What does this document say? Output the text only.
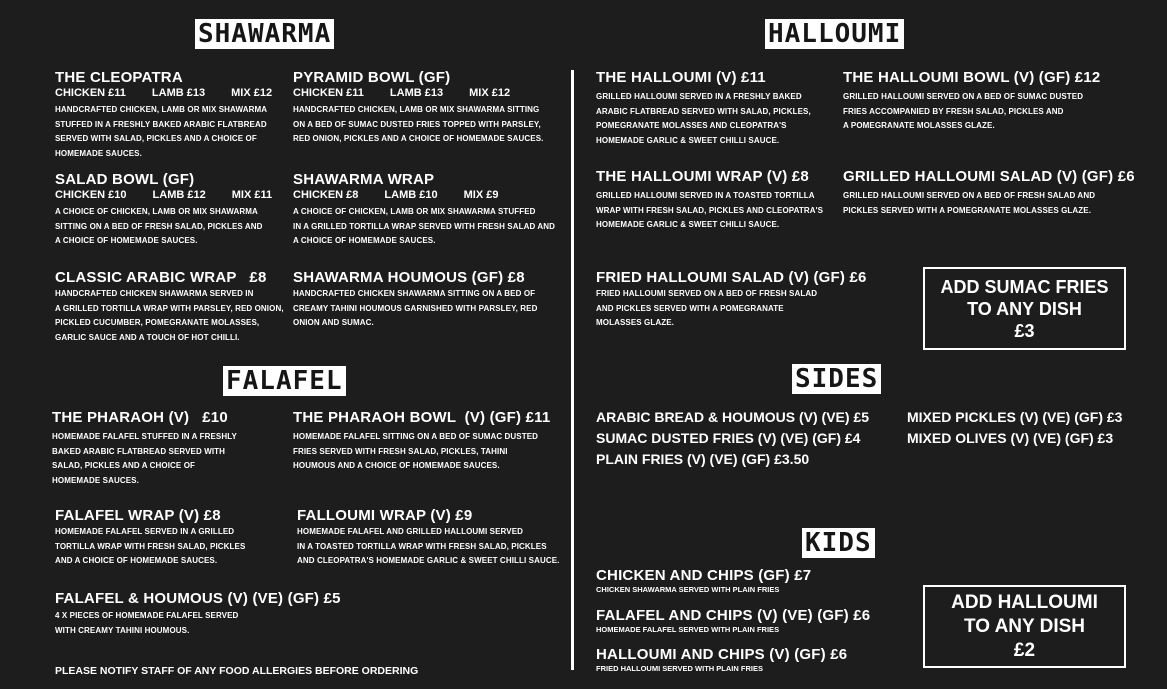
SHAWARMA
FALAFEL
HALLOUMI
SIDES
KIDS
THE CLEOPATRA
CHICKEN £11 LAMB £13 MIX £12
HANDCRAFTED CHICKEN, LAMB OR MIX SHAWARMA
STUFFED IN A FRESHLY BAKED ARABIC FLATBREAD
SERVED WITH SALAD, PICKLES AND A CHOICE OF
HOMEMADE SAUCES.
PYRAMID BOWL (GF)
CHICKEN £11 LAMB £13 MIX £12
HANDCRAFTED CHICKEN, LAMB OR MIX SHAWARMA SITTING
ON A BED OF SUMAC DUSTED FRIES TOPPED WITH PARSLEY,
RED ONION, PICKLES AND A CHOICE OF HOMEMADE SAUCES.
SALAD BOWL (GF)
CHICKEN £10 LAMB £12 MIX £11
A CHOICE OF CHICKEN, LAMB OR MIX SHAWARMA
SITTING ON A BED OF FRESH SALAD, PICKLES AND
A CHOICE OF HOMEMADE SAUCES.
SHAWARMA WRAP
CHICKEN £8 LAMB £10 MIX £9
A CHOICE OF CHICKEN, LAMB OR MIX SHAWARMA STUFFED
IN A GRILLED TORTILLA WRAP SERVED WITH FRESH SALAD AND
A CHOICE OF HOMEMADE SAUCES.
CLASSIC ARABIC WRAP   £8
HANDCRAFTED CHICKEN SHAWARMA SERVED IN
A GRILLED TORTILLA WRAP WITH PARSLEY, RED ONION,
PICKLED CUCUMBER, POMEGRANATE MOLASSES,
GARLIC SAUCE AND A TOUCH OF HOT CHILLI.
SHAWARMA HOUMOUS (GF) £8
HANDCRAFTED CHICKEN SHAWARMA SITTING ON A BED OF
CREAMY TAHINI HOUMOUS GARNISHED WITH PARSLEY, RED
ONION AND SUMAC.
THE PHARAOH (V)   £10
HOMEMADE FALAFEL STUFFED IN A FRESHLY
BAKED ARABIC FLATBREAD SERVED WITH
SALAD, PICKLES AND A CHOICE OF
HOMEMADE SAUCES.
THE PHARAOH BOWL  (V) (GF) £11
HOMEMADE FALAFEL SITTING ON A BED OF SUMAC DUSTED
FRIES SERVED WITH FRESH SALAD, PICKLES, TAHINI
HOUMOUS AND A CHOICE OF HOMEMADE SAUCES.
FALAFEL WRAP (V) £8
HOMEMADE FALAFEL SERVED IN A GRILLED
TORTILLA WRAP WITH FRESH SALAD, PICKLES
AND A CHOICE OF HOMEMADE SAUCES.
FALLOUMI WRAP (V) £9
HOMEMADE FALAFEL AND GRILLED HALLOUMI SERVED
IN A TOASTED TORTILLA WRAP WITH FRESH SALAD, PICKLES
AND CLEOPATRA'S HOMEMADE GARLIC & SWEET CHILLI SAUCE.
FALAFEL & HOUMOUS (V) (VE) (GF) £5
4 X PIECES OF HOMEMADE FALAFEL SERVED
WITH CREAMY TAHINI HOUMOUS.
PLEASE NOTIFY STAFF OF ANY FOOD ALLERGIES BEFORE ORDERING
THE HALLOUMI (V) £11
GRILLED HALLOUMI SERVED IN A FRESHLY BAKED
ARABIC FLATBREAD SERVED WITH SALAD, PICKLES,
POMEGRANATE MOLASSES AND CLEOPATRA'S
HOMEMADE GARLIC & SWEET CHILLI SAUCE.
THE HALLOUMI BOWL (V) (GF) £12
GRILLED HALLOUMI SERVED ON A BED OF SUMAC DUSTED
FRIES ACCOMPANIED BY FRESH SALAD, PICKLES AND
A POMEGRANATE MOLASSES GLAZE.
THE HALLOUMI WRAP (V) £8
GRILLED HALLOUMI SERVED IN A TOASTED TORTILLA
WRAP WITH FRESH SALAD, PICKLES AND CLEOPATRA'S
HOMEMADE GARLIC & SWEET CHILLI SAUCE.
GRILLED HALLOUMI SALAD (V) (GF) £6
GRILLED HALLOUMI SERVED ON A BED OF FRESH SALAD AND
PICKLES SERVED WITH A POMEGRANATE MOLASSES GLAZE.
FRIED HALLOUMI SALAD (V) (GF) £6
FRIED HALLOUMI SERVED ON A BED OF FRESH SALAD
AND PICKLES SERVED WITH A POMEGRANATE
MOLASSES GLAZE.
ADD SUMAC FRIES
TO ANY DISH
£3
ARABIC BREAD & HOUMOUS (V) (VE) £5
SUMAC DUSTED FRIES (V) (VE) (GF) £4
PLAIN FRIES (V) (VE) (GF) £3.50
MIXED PICKLES (V) (VE) (GF) £3
MIXED OLIVES (V) (VE) (GF) £3
CHICKEN AND CHIPS (GF) £7
CHICKEN SHAWARMA SERVED WITH PLAIN FRIES
FALAFEL AND CHIPS (V) (VE) (GF) £6
HOMEMADE FALAFEL SERVED WITH PLAIN FRIES
HALLOUMI AND CHIPS (V) (GF) £6
FRIED HALLOUMI SERVED WITH PLAIN FRIES
ADD HALLOUMI
TO ANY DISH
£2
